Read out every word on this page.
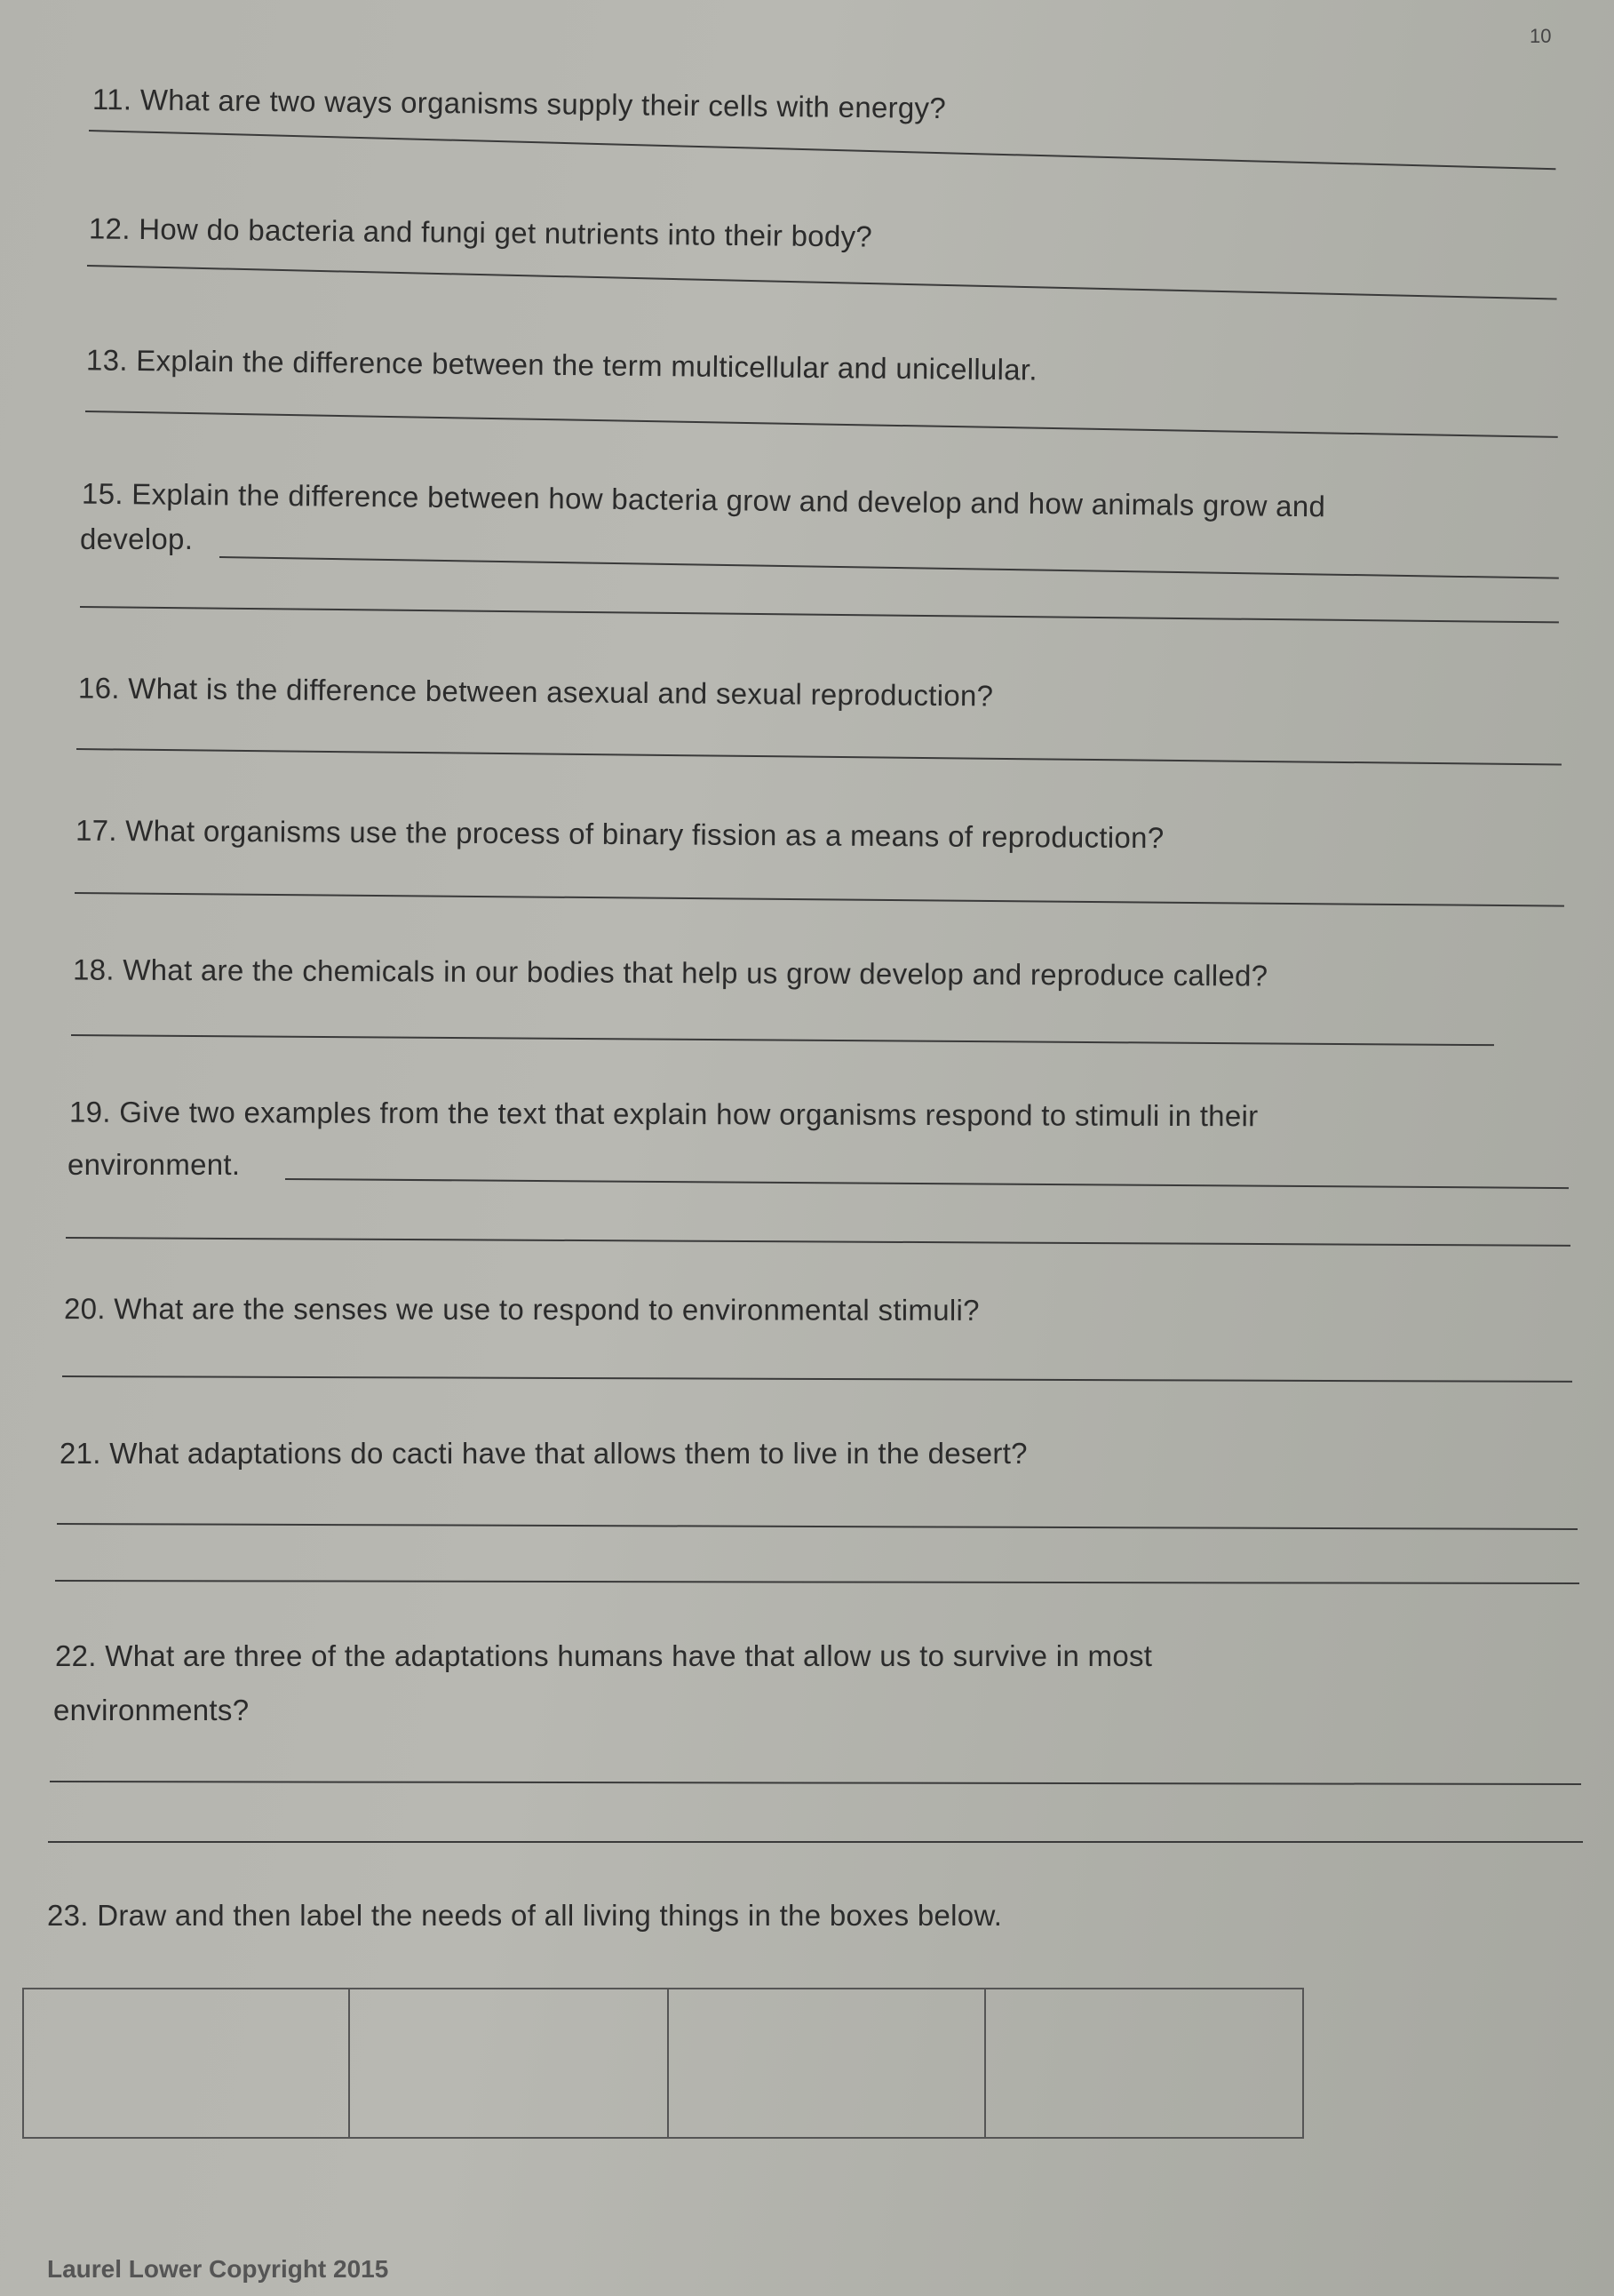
10
11. What are two ways organisms supply their cells with energy?
12. How do bacteria and fungi get nutrients into their body?
13. Explain the difference between the term multicellular and unicellular.
15. Explain the difference between how bacteria grow and develop and how animals grow and
develop.
16. What is the difference between asexual and sexual reproduction?
17. What organisms use the process of binary fission as a means of reproduction?
18. What are the chemicals in our bodies that help us grow develop and reproduce called?
19. Give two examples from the text that explain how organisms respond to stimuli in their
environment.
20. What are the senses we use to respond to environmental stimuli?
21. What adaptations do cacti have that allows them to live in the desert?
22. What are three of the adaptations humans have that allow us to survive in most
environments?
23. Draw and then label the needs of all living things in the boxes below.
Laurel Lower Copyright 2015
